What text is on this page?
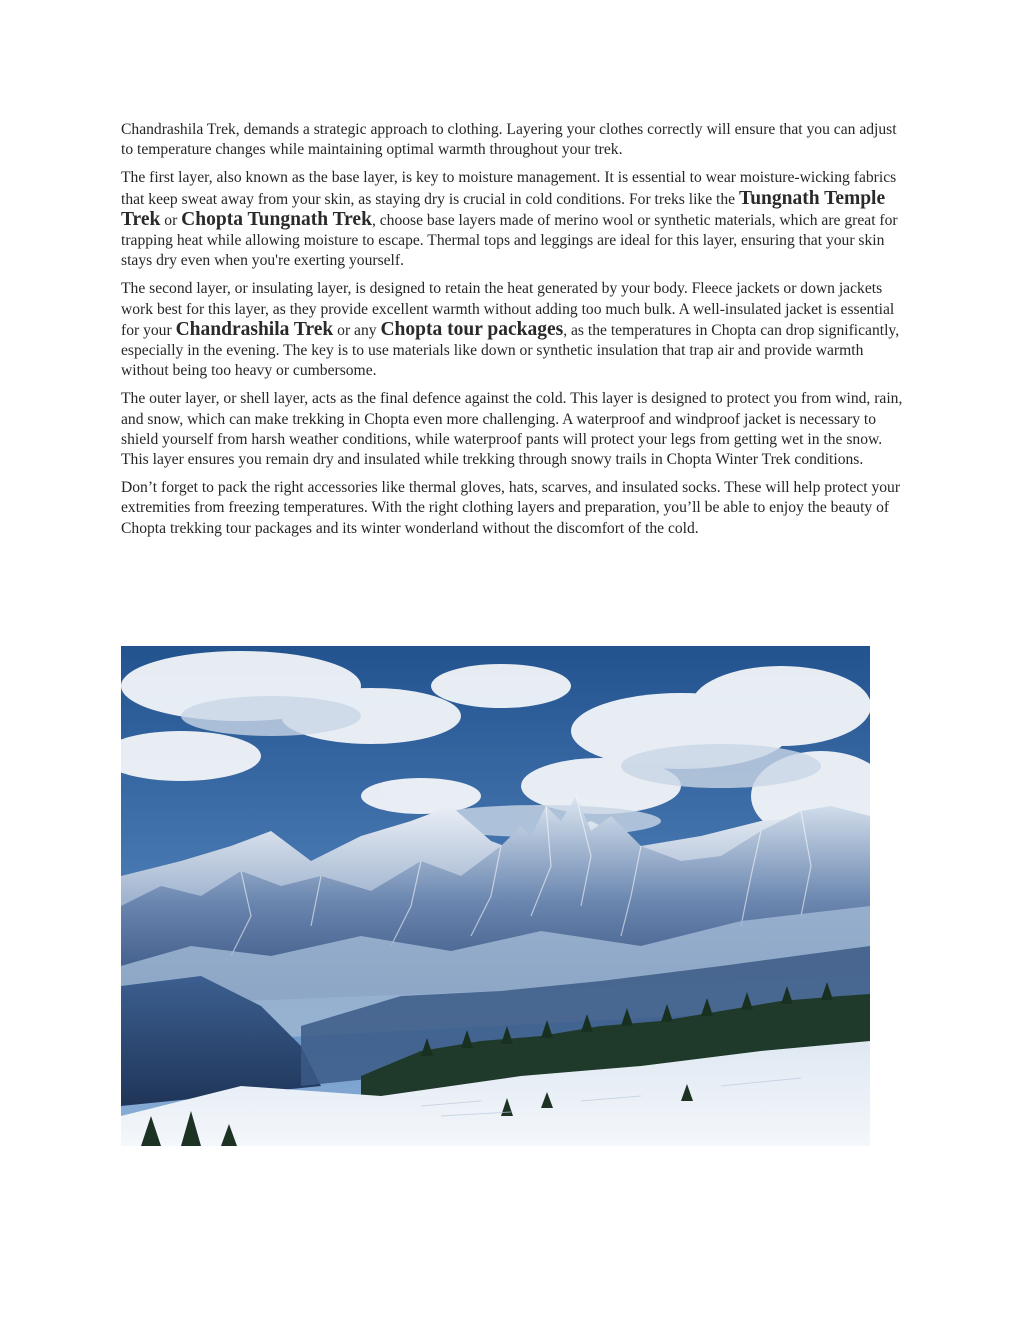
Chandrashila Trek, demands a strategic approach to clothing. Layering your clothes correctly will ensure that you can adjust to temperature changes while maintaining optimal warmth throughout your trek.

The first layer, also known as the base layer, is key to moisture management. It is essential to wear moisture-wicking fabrics that keep sweat away from your skin, as staying dry is crucial in cold conditions. For treks like the Tungnath Temple Trek or Chopta Tungnath Trek, choose base layers made of merino wool or synthetic materials, which are great for trapping heat while allowing moisture to escape. Thermal tops and leggings are ideal for this layer, ensuring that your skin stays dry even when you're exerting yourself.

The second layer, or insulating layer, is designed to retain the heat generated by your body. Fleece jackets or down jackets work best for this layer, as they provide excellent warmth without adding too much bulk. A well-insulated jacket is essential for your Chandrashila Trek or any Chopta tour packages, as the temperatures in Chopta can drop significantly, especially in the evening. The key is to use materials like down or synthetic insulation that trap air and provide warmth without being too heavy or cumbersome.

The outer layer, or shell layer, acts as the final defence against the cold. This layer is designed to protect you from wind, rain, and snow, which can make trekking in Chopta even more challenging. A waterproof and windproof jacket is necessary to shield yourself from harsh weather conditions, while waterproof pants will protect your legs from getting wet in the snow. This layer ensures you remain dry and insulated while trekking through snowy trails in Chopta Winter Trek conditions.

Don’t forget to pack the right accessories like thermal gloves, hats, scarves, and insulated socks. These will help protect your extremities from freezing temperatures. With the right clothing layers and preparation, you’ll be able to enjoy the beauty of Chopta trekking tour packages and its winter wonderland without the discomfort of the cold.
